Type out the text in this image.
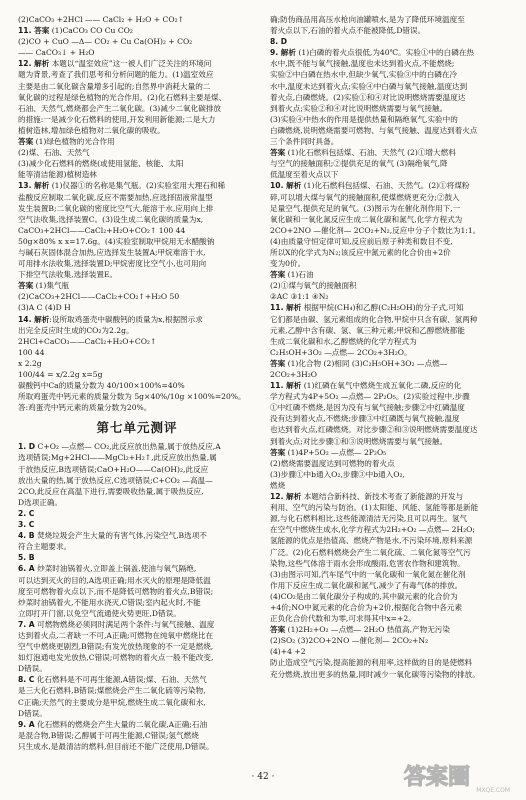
(2)CaCO₃ +2HCl —— CaCl₂ + H₂O + CO₂↑
11. 答案 (1)CaCO₃ CO Cu CO₂
(2)CO + CuO —Δ— CO₂ + Cu Ca(OH)₂ + CO₂
—— CaCO₃↓ + H₂O
12. 解析 本题以“温室效应”这一被人们广泛关注的环境问
题为背景,考查了我们思考和分析问题的能力。(1)温室效应
主要是由二氧化碳含量增多引起的;自然界中消耗大量的二
氧化碳的过程是绿色植物的光合作用。(2)化石燃料主要是煤、
石油、天然气,燃烧都会产生二氧化碳。(3)减少二氧化碳排放
的措施:一是减少化石燃料的使用,开发利用新能源;二是大力
植树造林,增加绿色植物对二氧化碳的吸收。
答案 (1)绿色植物的光合作用
(2)煤、石油、天然气
(3)减少化石燃料的燃烧(或使用氢能、核能、太阳
能等清洁能源)植树造林
13. 解析 (1)仪器①的名称是集气瓶。(2)实验室用大理石和稀
盐酸反应制取二氧化碳,反应不需要加热,应选择固液常温型
发生装置B;二氧化碳的密度比空气大,能溶于水,应用向上排
空气法收集,选择装置C。(3)设生成二氧化碳的质量为x,
CaCO₃+2HCl——CaCl₂+H₂O+CO₂↑ 100 44
50g×80% x x=17.6g。(4)实验室制取甲烷用无水醋酸钠
与碱石灰固体混合加热,应选择发生装置A;甲烷难溶于水,
可用排水法收集,选择装置D;甲烷密度比空气小,也可用向
下排空气法收集,选择装置E。
答案 (1)集气瓶
(2)CaCO₃+2HCl——CaCl₂+CO₂↑+H₂O 50
(3)A C (4)D H
14. 解析:设所取鸡蛋壳中碳酸钙的质量为x,根据图示求
出完全反应时生成的CO₂为2.2g。
2HCl+CaCO₃——CaCl₂+H₂O+CO₂↑
100 44
x 2.2g
100/44 = x/2.2g x=5g
碳酸钙中Ca的质量分数为 40/100×100%=40%
所取鸡蛋壳中钙元素的质量分数为 5g×40%/10g ×100%=20%。
答:鸡蛋壳中钙元素的质量分数为20%。
第七单元测评
1. D C+O₂ —点燃— CO₂,此反应放出热量,属于放热反应,A
选项错误;Mg+2HCl——MgCl₂+H₂↑,此反应放出热量,属
于放热反应,B选项错误;CaO+H₂O——Ca(OH)₂,此反应
放出大量的热,属于放热反应,C选项错误;C+CO₂ —高温—
2CO,此反应在高温下进行,需要吸收热量,属于吸热反应,
D选项正确。
2. C
3. C
4. B 焚烧垃圾会产生大量的有害气体,污染空气,B选项不
符合主题要求。
5. B
6. A 炒菜时油锅着火,立即盖上锅盖,使油与氧气隔绝,
可以达到灭火的目的,A选项正确;用水灭火的原理是降低温
度至可燃物着火点以下,而不是降低可燃物的着火点,B错误;
炒菜时油锅着火,不能用水浇灭,C错误;室内起火时,不能
立即打开门窗,以免空气流通使火势更旺,D错误。
7. A 可燃物燃烧必须同时满足两个条件:与氧气接触、温度
达到着火点,二者缺一不可,A正确;可燃物在纯氧中燃烧比在
空气中燃烧更剧烈,B错误;有发光放热现象的不一定是燃烧,
如灯泡通电发光放热,C错误;可燃物的着火点一般不能改变,
D错误。
8. C 化石燃料是不可再生能源,A错误;煤、石油、天然气
是三大化石燃料,B错误;煤燃烧会产生二氧化硫等污染物,
C正确;天然气的主要成分是甲烷,燃烧生成二氧化碳和水,
D错误。
9. A 化石燃料的燃烧会产生大量的二氧化碳,A正确;石油
是混合物,B错误;乙醇属于可再生能源,C错误;氢气燃烧
只生成水,是最清洁的燃料,但目前还不能广泛使用,D错误。
确;防伪商品用高压水枪向油罐喷水,是为了降低环境温度至
着火点以下,石油的着火点不能被降低,D错误。
8. D
9. 解析 (1)白磷的着火点很低,为40℃。实验①中的白磷在热
水中,既不能与氧气接触,温度也未达到着火点,不能燃烧;
实验②中白磷在热水中,但缺少氧气,实验③中的白磷在冷
水中,温度未达到着火点;实验④中白磷与氧气接触,温度达到
着火点,白磷燃烧。(2)实验①和④对比说明燃烧需要温度达
到着火点;实验②和④对比说明燃烧需要与氧气接触。
(3)实验④中热水的作用是提供热量和隔绝氧气,实验中的
白磷燃烧,说明燃烧需要可燃物、与氧气接触、温度达到着火点
三个条件同时具备。
答案 (1)化石燃料包括煤、石油、天然气 (2)①增大燃料
与空气的接触面积;②提供充足的氧气 (3)隔绝氧气,降
低温度至着火点以下
10. 解析 (1)化石燃料包括煤、石油、天然气。(2)①将煤粉
碎,可以增大煤与氧气的接触面积,使煤燃烧更充分;②鼓入
足量空气,提供充足的氧气。(3)图示为在催化剂作用下,一
氧化碳和一氧化氮反应生成二氧化碳和氮气,化学方程式为
2CO+2NO —催化剂— 2CO₂+N₂,反应中分子个数比为1:1。
(4)由质量守恒定律可知,反应前后原子种类和数目不变,
所以X的化学式为N₂;该反应中氮元素的化合价由+2价
变为0价。
答案 (1)石油
(2)①煤与氧气的接触面积
②AC ③1:1 ④N₂
11. 解析 根据甲烷(CH₄)和乙醇(C₂H₅OH)的分子式,可知
它们都是由碳、氢元素组成的化合物,甲烷中只含有碳、氢两种
元素,乙醇中含有碳、氢、氧三种元素;甲烷和乙醇燃烧都能
生成二氧化碳和水,乙醇燃烧的化学方程式为
C₂H₅OH+3O₂ —点燃— 2CO₂+3H₂O。
答案 (1)化合物 (2)相同 (3)C₂H₅OH+3O₂ —点燃—
2CO₂+3H₂O
11. 解析 (1)红磷在氧气中燃烧生成五氧化二磷,反应的化
学方程式为4P+5O₂ —点燃— 2P₂O₅。(2)实验过程中,步骤
①中红磷不燃烧,是因为没有与氧气接触;步骤②中红磷温度
没有达到着火点,不燃烧;步骤③中红磷既与氧气接触,温度
也达到着火点,红磷燃烧。对比步骤②和③说明燃烧需要温度达
到着火点;对比步骤①和③说明燃烧需要与氧气接触。
答案 (1)4P+5O₂ —点燃— 2P₂O₅
(2)燃烧需要温度达到可燃物的着火点
(3)步骤①中b通入O₂,步骤③中b通入O₂,
燃烧
12. 解析 本题结合新科技、新技术考查了新能源的开发与
利用、空气的污染与防治。(1)太阳能、风能、氢能等都是新能
源,与化石燃料相比,这些能源清洁无污染,且可以再生。氢气
在空气中燃烧生成水,化学方程式为2H₂+O₂ —点燃— 2H₂O;
氢能源的优点是热值高、燃烧产物是水,不污染环境,原料来源
广泛。(2)化石燃料燃烧会产生二氧化硫、二氧化氮等空气污
染物,这些气体溶于雨水会形成酸雨,危害农作物和建筑物。
(3)由图示可知,汽车尾气中的一氧化碳和一氧化氮在催化剂
作用下反应生成二氧化碳和氮气,减少了有毒气体的排放。
(4)CO₂是由二氧化碳分子构成的,其中碳元素的化合价为
+4价;NO中氮元素的化合价为+2价,根据化合物中各元素
正负化合价代数和为零,可求得其中x=+2。
答案 (1)2H₂+O₂ —点燃— 2H₂O 热值高,产物无污染
(2)SO₂ (3)2CO+2NO —催化剂— 2CO₂+N₂
(4)+4 +2
防止造成空气污染,提高能源的利用率,这样做的目的是使燃料
充分燃烧,放出更多的热量,同时减少一氧化碳等污染物的排放。
· 42 ·	答案圈
MXQE.COM
